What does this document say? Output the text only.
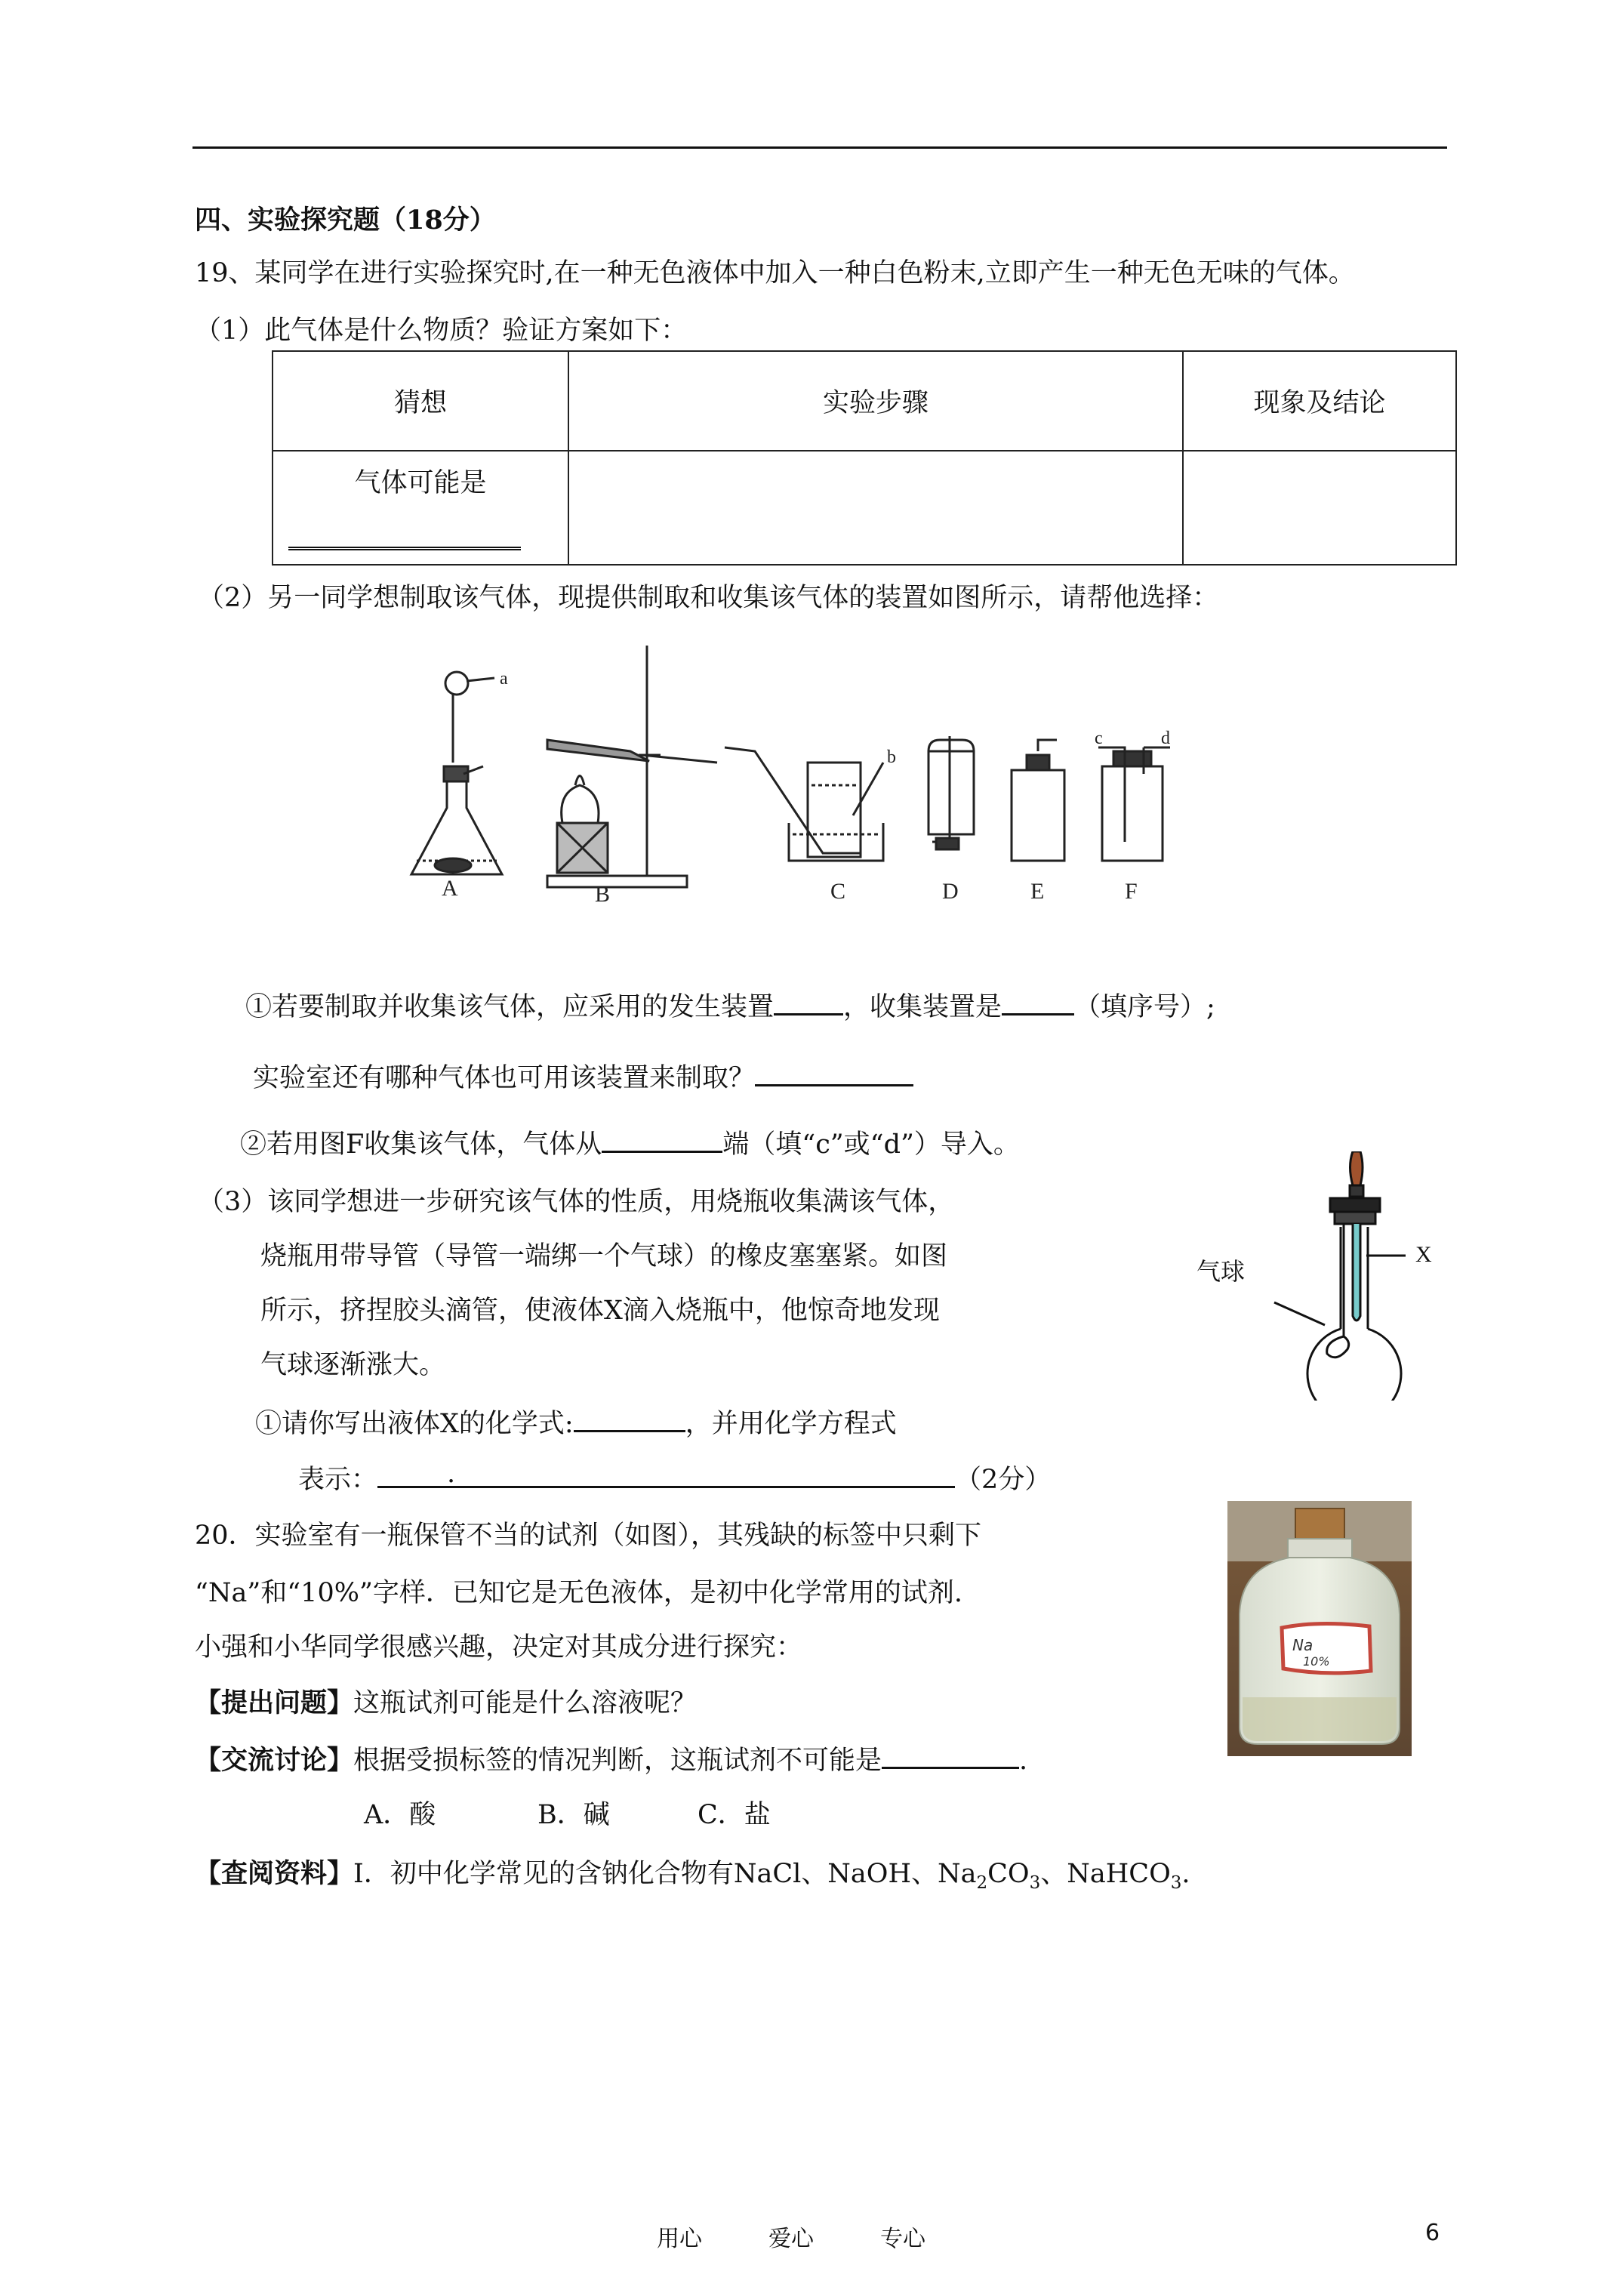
四、实验探究题（18分）
19、某同学在进行实验探究时,在一种无色液体中加入一种白色粉末,立即产生一种无色无味的气体。
（1）此气体是什么物质？验证方案如下：
猜想	实验步骤	现象及结论

气体可能是		

（2）另一同学想制取该气体，现提供制取和收集该气体的装置如图所示，请帮他选择：
A	B	C	D	E	F
a
b
c	d
①若要制取并收集该气体，应采用的发生装置	，收集装置是	（填序号）;
实验室还有哪种气体也可用该装置来制取？
②若用图F收集该气体，气体从	端（填“c”或“d”）导入。
（3）该同学想进一步研究该气体的性质，用烧瓶收集满该气体，
烧瓶用带导管（导管一端绑一个气球）的橡皮塞塞紧。如图
所示，挤捏胶头滴管，使液体X滴入烧瓶中，他惊奇地发现
气球逐渐涨大。
①请你写出液体X的化学式:	，并用化学方程式
表示：	.	（2分）
X
气球
20．实验室有一瓶保管不当的试剂（如图），其残缺的标签中只剩下
“Na”和“10%”字样．已知它是无色液体，是初中化学常用的试剂.
小强和小华同学很感兴趣，决定对其成分进行探究：
【提出问题】这瓶试剂可能是什么溶液呢？
【交流讨论】根据受损标签的情况判断，这瓶试剂不可能是	.
A．酸	B．碱	C．盐
【查阅资料】Ⅰ．初中化学常见的含钠化合物有NaCl、NaOH、$Na_2CO_3$、NaHCO$_3$.
Na
10%
用心	爱心	专心	6
